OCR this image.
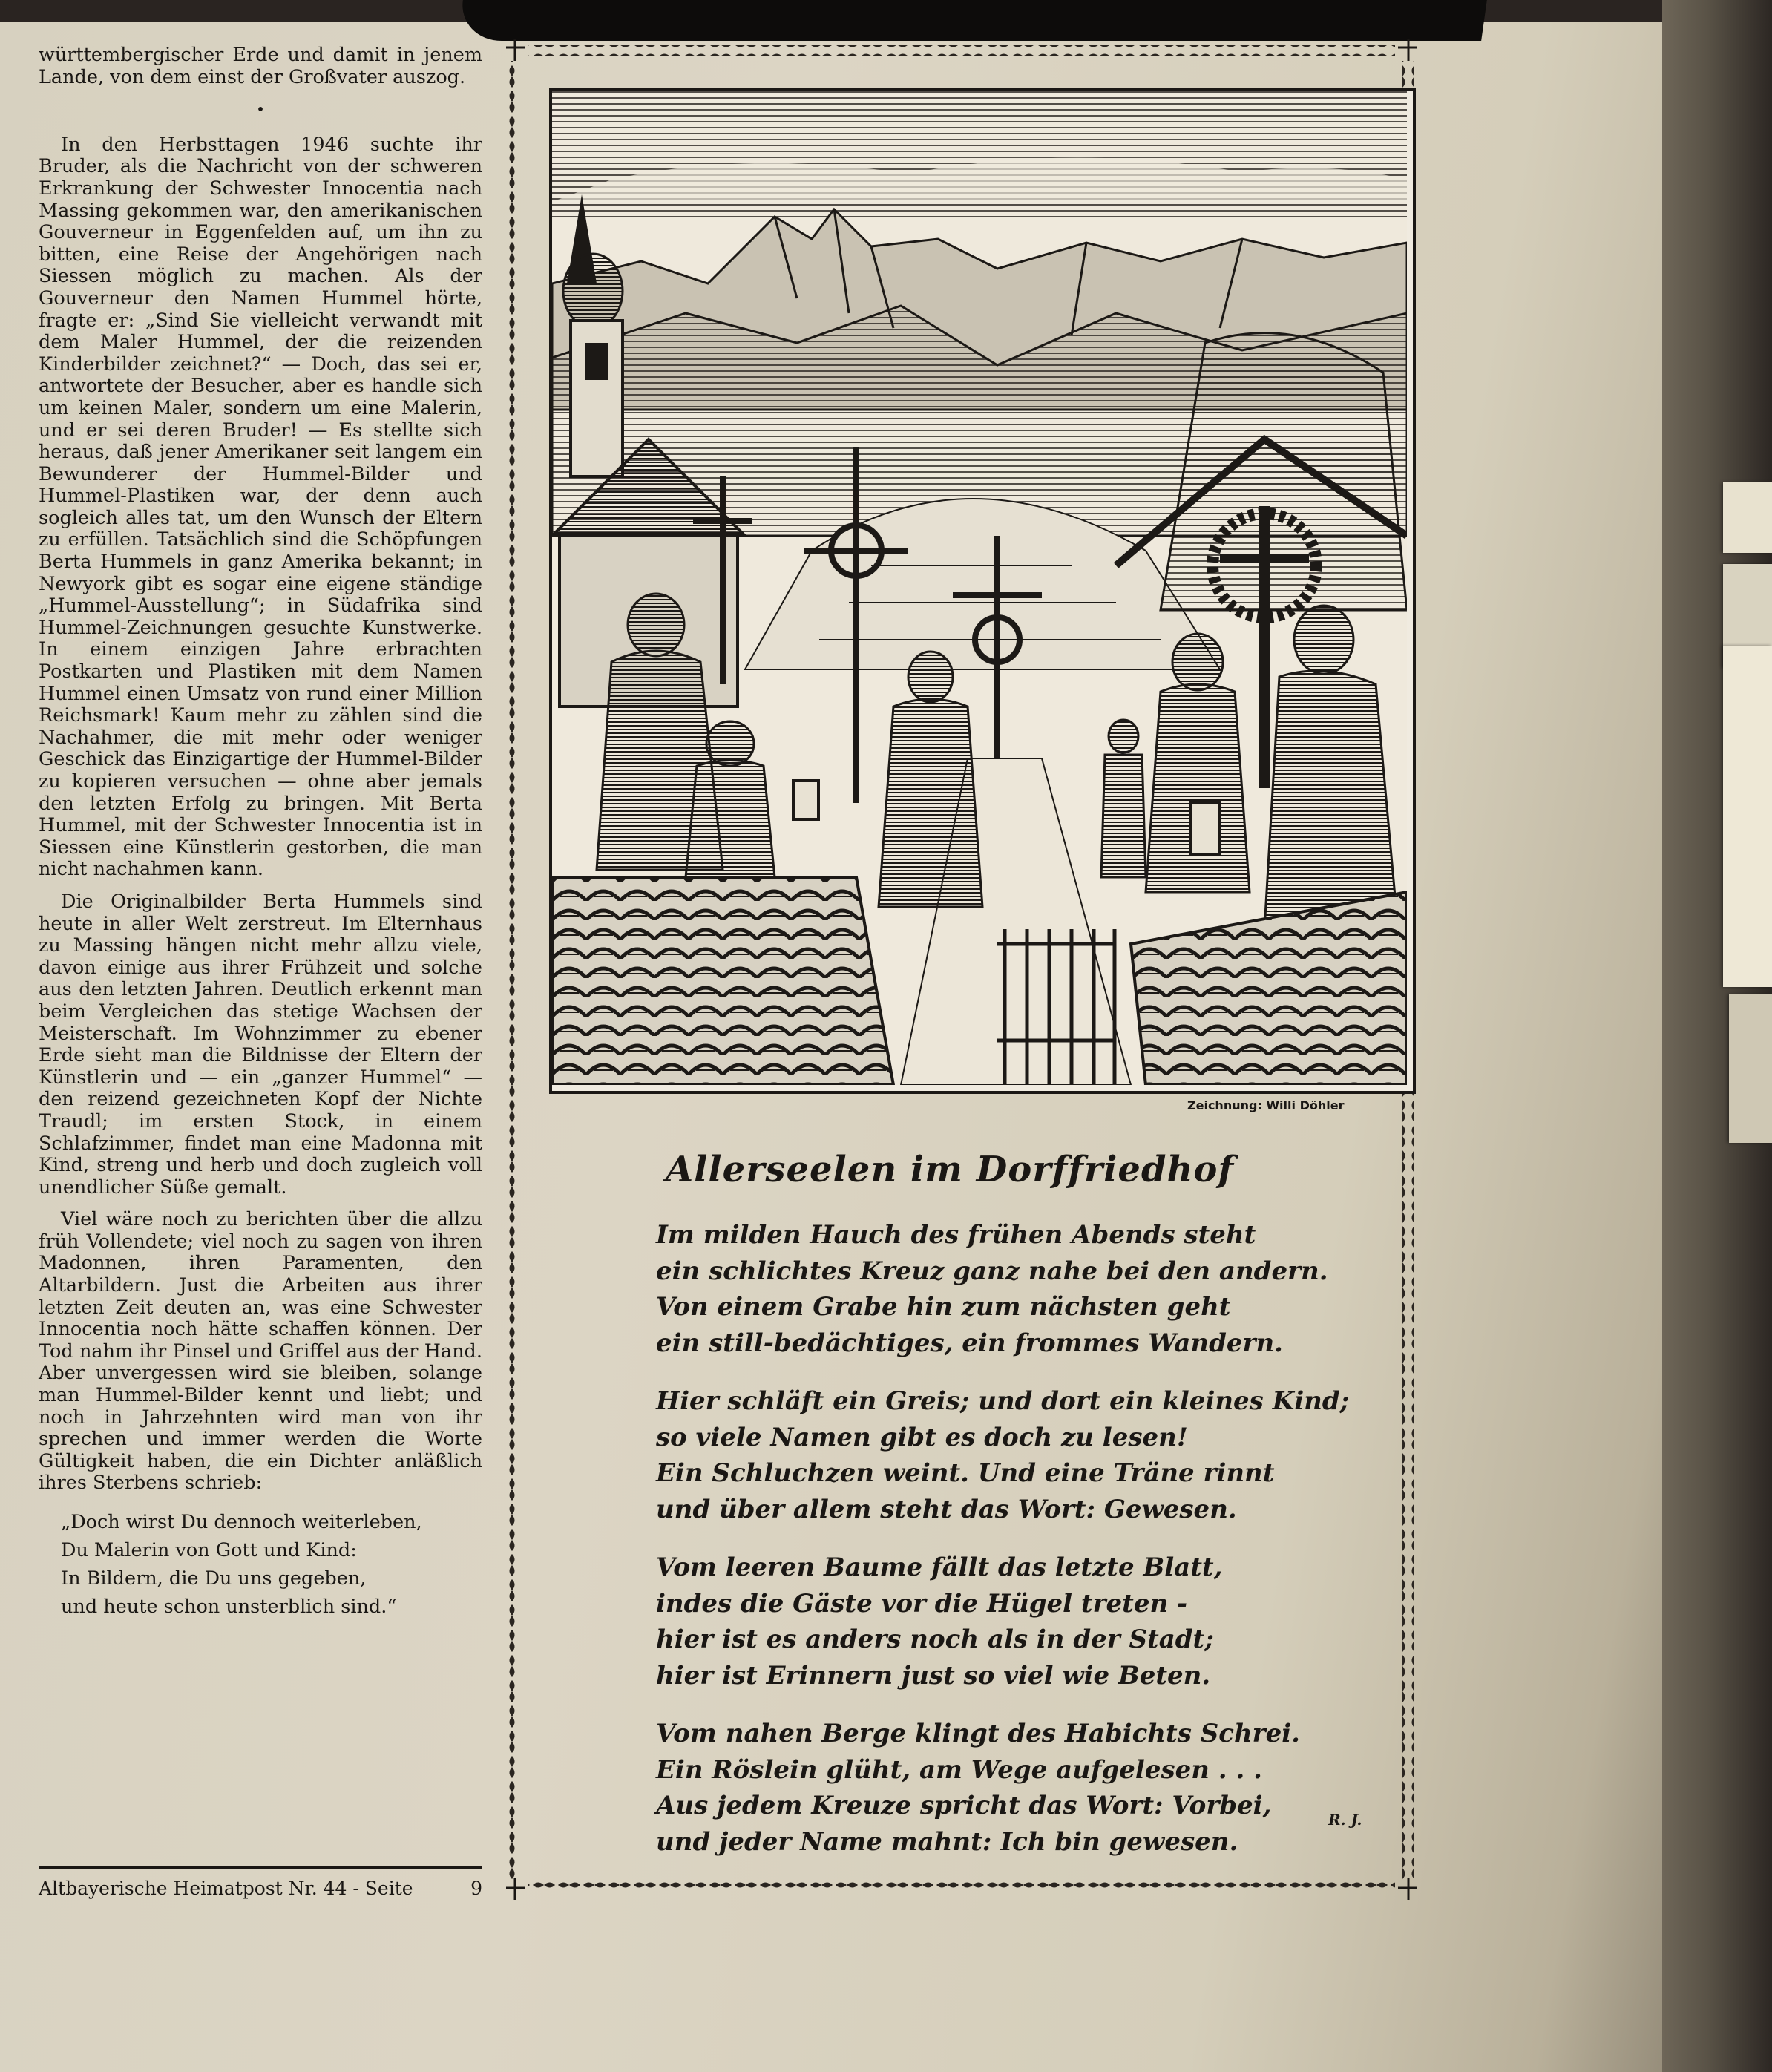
württembergischer Erde und damit in jenem Lande, von dem einst der Großvater auszog.

•

In den Herbsttagen 1946 suchte ihr Bruder, als die Nachricht von der schweren Erkrankung der Schwester Innocentia nach Massing gekommen war, den amerikanischen Gouverneur in Eggenfelden auf, um ihn zu bitten, eine Reise der Angehörigen nach Siessen möglich zu machen. Als der Gouverneur den Namen Hummel hörte, fragte er: „Sind Sie vielleicht verwandt mit dem Maler Hummel, der die reizenden Kinderbilder zeichnet?“ — Doch, das sei er, antwortete der Besucher, aber es handle sich um keinen Maler, sondern um eine Malerin, und er sei deren Bruder! — Es stellte sich heraus, daß jener Amerikaner seit langem ein Bewunderer der Hummel-Bilder und Hummel-Plastiken war, der denn auch sogleich alles tat, um den Wunsch der Eltern zu erfüllen. Tatsächlich sind die Schöpfungen Berta Hummels in ganz Amerika bekannt; in Newyork gibt es sogar eine eigene ständige „Hummel-Ausstellung“; in Südafrika sind Hummel-Zeichnungen gesuchte Kunstwerke. In einem einzigen Jahre erbrachten Postkarten und Plastiken mit dem Namen Hummel einen Umsatz von rund einer Million Reichsmark! Kaum mehr zu zählen sind die Nachahmer, die mit mehr oder weniger Geschick das Einzigartige der Hummel-Bilder zu kopieren versuchen — ohne aber jemals den letzten Erfolg zu bringen. Mit Berta Hummel, mit der Schwester Innocentia ist in Siessen eine Künstlerin gestorben, die man nicht nachahmen kann.

Die Originalbilder Berta Hummels sind heute in aller Welt zerstreut. Im Elternhaus zu Massing hängen nicht mehr allzu viele, davon einige aus ihrer Frühzeit und solche aus den letzten Jahren. Deutlich erkennt man beim Vergleichen das stetige Wachsen der Meisterschaft. Im Wohnzimmer zu ebener Erde sieht man die Bildnisse der Eltern der Künstlerin und — ein „ganzer Hummel“ — den reizend gezeichneten Kopf der Nichte Traudl; im ersten Stock, in einem Schlafzimmer, findet man eine Madonna mit Kind, streng und herb und doch zugleich voll unendlicher Süße gemalt.

Viel wäre noch zu berichten über die allzu früh Vollendete; viel noch zu sagen von ihren Madonnen, ihren Paramenten, den Altarbildern. Just die Arbeiten aus ihrer letzten Zeit deuten an, was eine Schwester Innocentia noch hätte schaffen können. Der Tod nahm ihr Pinsel und Griffel aus der Hand. Aber unvergessen wird sie bleiben, solange man Hummel-Bilder kennt und liebt; und noch in Jahrzehnten wird man von ihr sprechen und immer werden die Worte Gültigkeit haben, die ein Dichter anläßlich ihres Sterbens schrieb:

„Doch wirst Du dennoch weiterleben,
Du Malerin von Gott und Kind:
In Bildern, die Du uns gegeben,
und heute schon unsterblich sind.“
Altbayerische Heimatpost Nr. 44 - Seite	9
Zeichnung: Willi Döhler
Allerseelen im Dorffriedhof
Im milden Hauch des frühen Abends steht
ein schlichtes Kreuz ganz nahe bei den andern.
Von einem Grabe hin zum nächsten geht
ein still-bedächtiges, ein frommes Wandern.
Hier schläft ein Greis; und dort ein kleines Kind;
so viele Namen gibt es doch zu lesen!
Ein Schluchzen weint. Und eine Träne rinnt
und über allem steht das Wort: Gewesen.
Vom leeren Baume fällt das letzte Blatt,
indes die Gäste vor die Hügel treten -
hier ist es anders noch als in der Stadt;
hier ist Erinnern just so viel wie Beten.
Vom nahen Berge klingt des Habichts Schrei.
Ein Röslein glüht, am Wege aufgelesen . . .
Aus jedem Kreuze spricht das Wort: Vorbei,
und jeder Name mahnt: Ich bin gewesen.
R. J.
